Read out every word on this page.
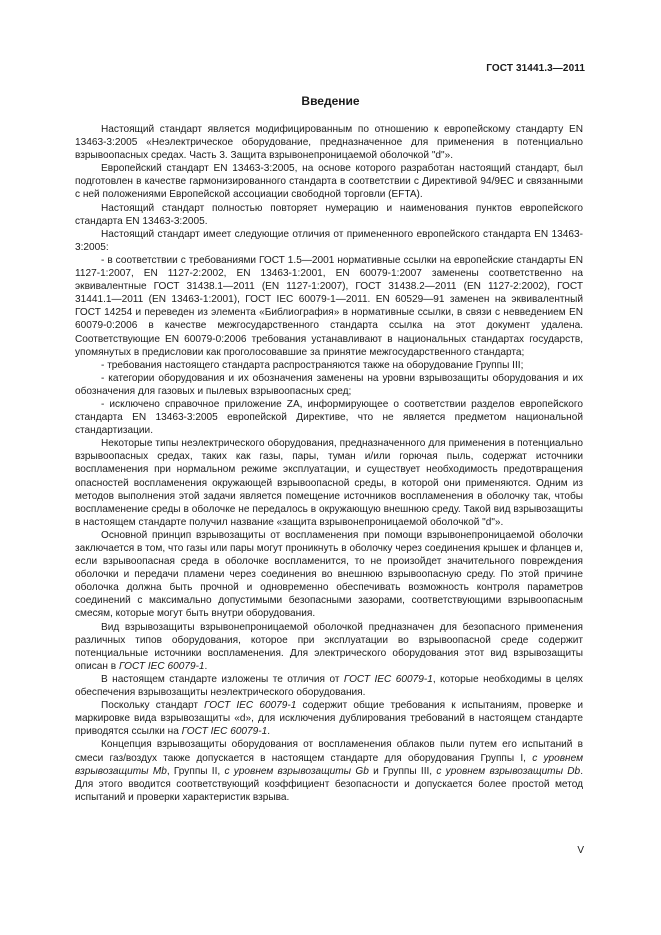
ГОСТ 31441.3—2011
Введение

Настоящий стандарт является модифицированным по отношению к европейскому стандарту EN 13463-3:2005 «Неэлектрическое оборудование, предназначенное для применения в потенциально взрывоопасных средах. Часть 3. Защита взрывонепроницаемой оболочкой "d"».

Европейский стандарт EN 13463-3:2005, на основе которого разработан настоящий стандарт, был подготовлен в качестве гармонизированного стандарта в соответствии с Директивой 94/9ЕС и связанными с ней положениями Европейской ассоциации свободной торговли (EFTA).

Настоящий стандарт полностью повторяет нумерацию и наименования пунктов европейского стандарта EN 13463-3:2005.

Настоящий стандарт имеет следующие отличия от примененного европейского стандарта EN 13463-3:2005:

- в соответствии с требованиями ГОСТ 1.5—2001 нормативные ссылки на европейские стандарты EN 1127-1:2007, EN 1127-2:2002, EN 13463-1:2001, EN 60079-1:2007 заменены соответственно на эквивалентные ГОСТ 31438.1—2011 (EN 1127-1:2007), ГОСТ 31438.2—2011 (EN 1127-2:2002), ГОСТ 31441.1—2011 (EN 13463-1:2001), ГОСТ IEC 60079-1—2011. EN 60529—91 заменен на эквивалентный ГОСТ 14254 и переведен из элемента «Библиография» в нормативные ссылки, в связи с невведением EN 60079-0:2006 в качестве межгосударственного стандарта ссылка на этот документ удалена. Соответствующие EN 60079-0:2006 требования устанавливают в национальных стандартах государств, упомянутых в предисловии как проголосовавшие за принятие межгосударственного стандарта;

- требования настоящего стандарта распространяются также на оборудование Группы III;

- категории оборудования и их обозначения заменены на уровни взрывозащиты оборудования и их обозначения для газовых и пылевых взрывоопасных сред;

- исключено справочное приложение ZA, информирующее о соответствии разделов европейского стандарта EN 13463-3:2005 европейской Директиве, что не является предметом национальной стандартизации.

Некоторые типы неэлектрического оборудования, предназначенного для применения в потенциально взрывоопасных средах, таких как газы, пары, туман и/или горючая пыль, содержат источники воспламенения при нормальном режиме эксплуатации, и существует необходимость предотвращения опасностей воспламенения окружающей взрывоопасной среды, в которой они применяются. Одним из методов выполнения этой задачи является помещение источников воспламенения в оболочку так, чтобы воспламенение среды в оболочке не передалось в окружающую внешнюю среду. Такой вид взрывозащиты в настоящем стандарте получил название «защита взрывонепроницаемой оболочкой "d"».

Основной принцип взрывозащиты от воспламенения при помощи взрывонепроницаемой оболочки заключается в том, что газы или пары могут проникнуть в оболочку через соединения крышек и фланцев и, если взрывоопасная среда в оболочке воспламенится, то не произойдет значительного повреждения оболочки и передачи пламени через соединения во внешнюю взрывоопасную среду. По этой причине оболочка должна быть прочной и одновременно обеспечивать возможность контроля параметров соединений с максимально допустимыми безопасными зазорами, соответствующими взрывоопасным смесям, которые могут быть внутри оборудования.

Вид взрывозащиты взрывонепроницаемой оболочкой предназначен для безопасного применения различных типов оборудования, которое при эксплуатации во взрывоопасной среде содержит потенциальные источники воспламенения. Для электрического оборудования этот вид взрывозащиты описан в ГОСТ IEC 60079-1.

В настоящем стандарте изложены те отличия от ГОСТ IEC 60079-1, которые необходимы в целях обеспечения взрывозащиты неэлектрического оборудования.

Поскольку стандарт ГОСТ IEC 60079-1 содержит общие требования к испытаниям, проверке и маркировке вида взрывозащиты «d», для исключения дублирования требований в настоящем стандарте приводятся ссылки на ГОСТ IEC 60079-1.

Концепция взрывозащиты оборудования от воспламенения облаков пыли путем его испытаний в смеси газ/воздух также допускается в настоящем стандарте для оборудования Группы I, с уровнем взрывозащиты Mb, Группы II, с уровнем взрывозащиты Gb и Группы III, с уровнем взрывозащиты Db. Для этого вводится соответствующий коэффициент безопасности и допускается более простой метод испытаний и проверки характеристик взрыва.

V
